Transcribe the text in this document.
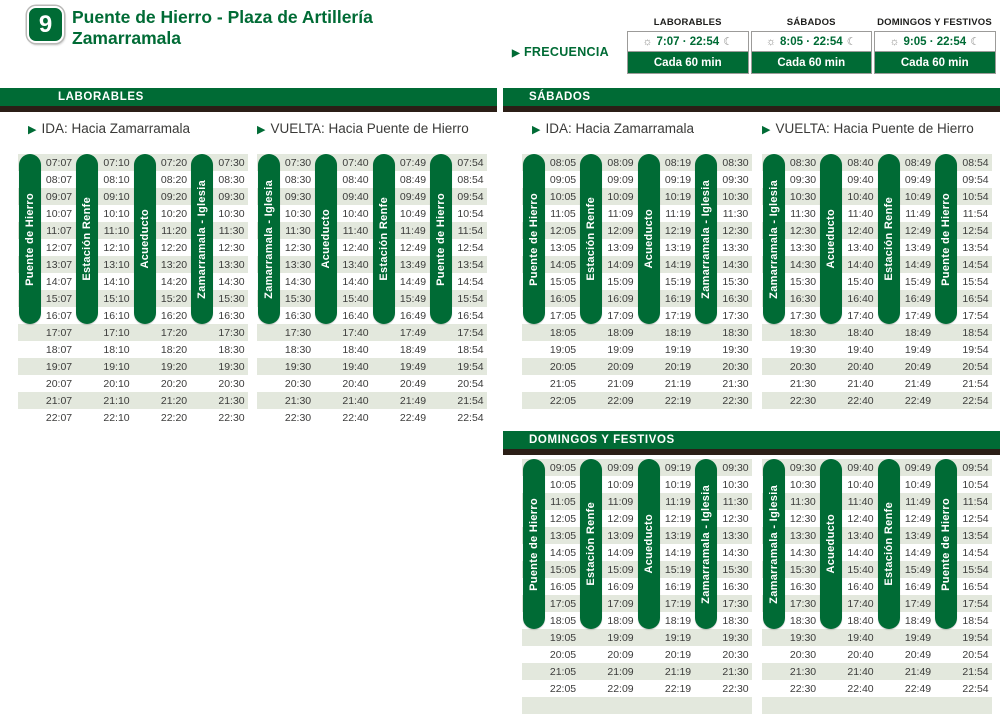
9 Puente de Hierro - Plaza de Artillería
Zamarramala
▶ FRECUENCIA
LABORABLES
☼ 7:07 · 22:54 ☾
Cada 60 min
SÁBADOS
☼ 8:05 · 22:54 ☾
Cada 60 min
DOMINGOS Y FESTIVOS
☼ 9:05 · 22:54 ☾
Cada 60 min
LABORABLES	SÁBADOS
DOMINGOS Y FESTIVOS
▶ IDA: Hacia Zamarramala	▶ VUELTA: Hacia Puente de Hierro	▶ IDA: Hacia Zamarramala	▶ VUELTA: Hacia Puente de Hierro
07:07	07:10	07:20	07:30
08:07	08:10	08:20	08:30
09:07	09:10	09:20	09:30
10:07	10:10	10:20	10:30
11:07	11:10	11:20	11:30
12:07	12:10	12:20	12:30
13:07	13:10	13:20	13:30
14:07	14:10	14:20	14:30
15:07	15:10	15:20	15:30
16:07	16:10	16:20	16:30
17:07	17:10	17:20	17:30
18:07	18:10	18:20	18:30
19:07	19:10	19:20	19:30
20:07	20:10	20:20	20:30
21:07	21:10	21:20	21:30
22:07	22:10	22:20	22:30
Puente de Hierro	Estación Renfe	Acueducto	Zamarramala - Iglesia
07:30	07:40	07:49	07:54
08:30	08:40	08:49	08:54
09:30	09:40	09:49	09:54
10:30	10:40	10:49	10:54
11:30	11:40	11:49	11:54
12:30	12:40	12:49	12:54
13:30	13:40	13:49	13:54
14:30	14:40	14:49	14:54
15:30	15:40	15:49	15:54
16:30	16:40	16:49	16:54
17:30	17:40	17:49	17:54
18:30	18:40	18:49	18:54
19:30	19:40	19:49	19:54
20:30	20:40	20:49	20:54
21:30	21:40	21:49	21:54
22:30	22:40	22:49	22:54
Zamarramala - Iglesia	Acueducto	Estación Renfe	Puente de Hierro
08:05	08:09	08:19	08:30
09:05	09:09	09:19	09:30
10:05	10:09	10:19	10:30
11:05	11:09	11:19	11:30
12:05	12:09	12:19	12:30
13:05	13:09	13:19	13:30
14:05	14:09	14:19	14:30
15:05	15:09	15:19	15:30
16:05	16:09	16:19	16:30
17:05	17:09	17:19	17:30
18:05	18:09	18:19	18:30
19:05	19:09	19:19	19:30
20:05	20:09	20:19	20:30
21:05	21:09	21:19	21:30
22:05	22:09	22:19	22:30
Puente de Hierro	Estación Renfe	Acueducto	Zamarramala - Iglesia
08:30	08:40	08:49	08:54
09:30	09:40	09:49	09:54
10:30	10:40	10:49	10:54
11:30	11:40	11:49	11:54
12:30	12:40	12:49	12:54
13:30	13:40	13:49	13:54
14:30	14:40	14:49	14:54
15:30	15:40	15:49	15:54
16:30	16:40	16:49	16:54
17:30	17:40	17:49	17:54
18:30	18:40	18:49	18:54
19:30	19:40	19:49	19:54
20:30	20:40	20:49	20:54
21:30	21:40	21:49	21:54
22:30	22:40	22:49	22:54
Zamarramala - Iglesia	Acueducto	Estación Renfe	Puente de Hierro
09:05	09:09	09:19	09:30
10:05	10:09	10:19	10:30
11:05	11:09	11:19	11:30
12:05	12:09	12:19	12:30
13:05	13:09	13:19	13:30
14:05	14:09	14:19	14:30
15:05	15:09	15:19	15:30
16:05	16:09	16:19	16:30
17:05	17:09	17:19	17:30
18:05	18:09	18:19	18:30
19:05	19:09	19:19	19:30
20:05	20:09	20:19	20:30
21:05	21:09	21:19	21:30
22:05	22:09	22:19	22:30
Puente de Hierro	Estación Renfe	Acueducto	Zamarramala - Iglesia
09:30	09:40	09:49	09:54
10:30	10:40	10:49	10:54
11:30	11:40	11:49	11:54
12:30	12:40	12:49	12:54
13:30	13:40	13:49	13:54
14:30	14:40	14:49	14:54
15:30	15:40	15:49	15:54
16:30	16:40	16:49	16:54
17:30	17:40	17:49	17:54
18:30	18:40	18:49	18:54
19:30	19:40	19:49	19:54
20:30	20:40	20:49	20:54
21:30	21:40	21:49	21:54
22:30	22:40	22:49	22:54
Zamarramala - Iglesia	Acueducto	Estación Renfe	Puente de Hierro
